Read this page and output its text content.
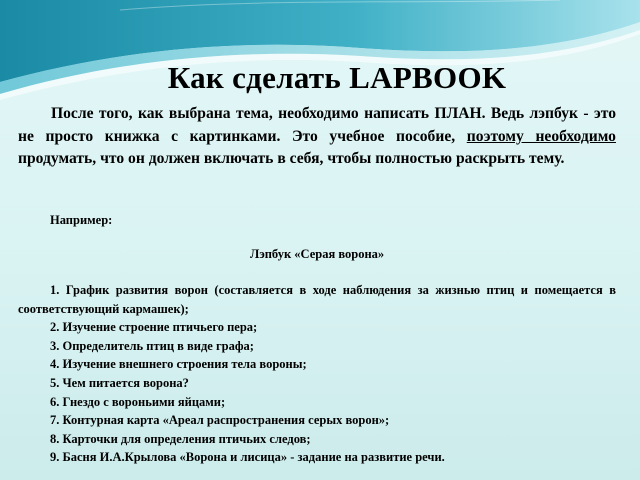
Как сделать LAPBOOK

После того, как выбрана тема, необходимо написать ПЛАН. Ведь лэпбук - это не просто книжка с картинками. Это учебное пособие, поэтому необходимо продумать, что он должен включать в себя, чтобы полностью раскрыть тему.

Например:
Лэпбук «Серая ворона»
1. График развития ворон (составляется в ходе наблюдения за жизнью птиц и помещается в соответствующий кармашек);
2. Изучение строение птичьего пера;
3. Определитель птиц в виде графа;
4. Изучение внешнего строения тела вороны;
5. Чем питается ворона?
6. Гнездо с вороньими яйцами;
7. Контурная карта «Ареал распространения серых ворон»;
8. Карточки для определения птичьих следов;
9. Басня И.А.Крылова «Ворона и лисица» - задание на развитие речи.
